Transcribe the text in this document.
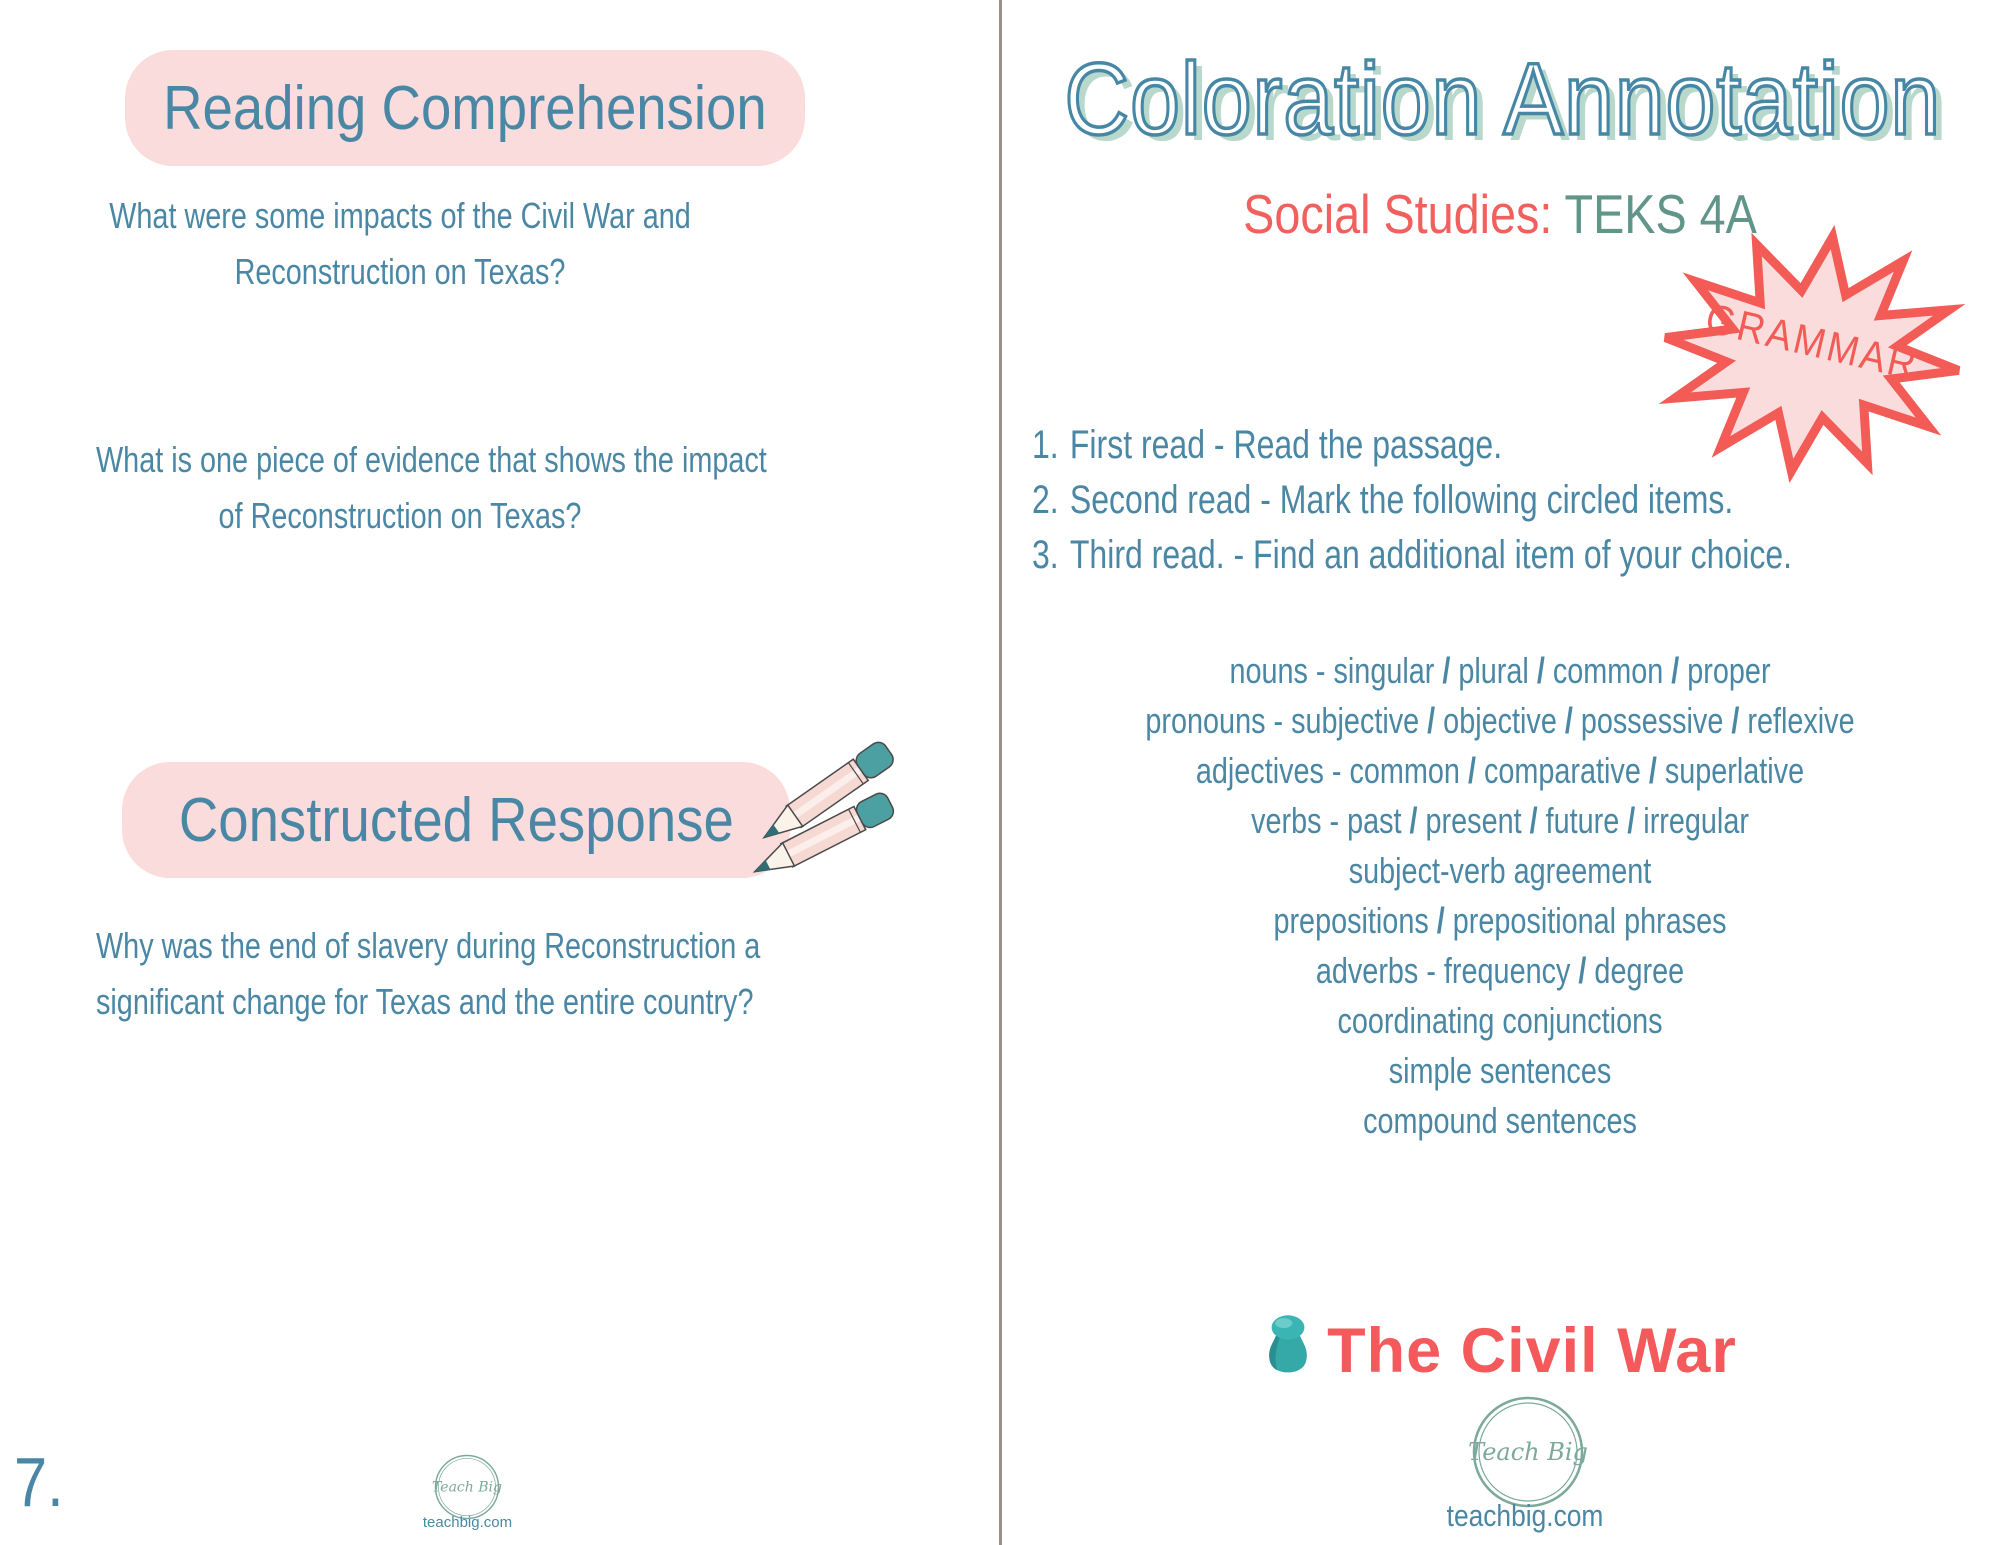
Reading Comprehension
What were some impacts of the Civil War and
Reconstruction on Texas?
What is one piece of evidence that shows the impact
of Reconstruction on Texas?
Constructed Response
Why was the end of slavery during Reconstruction a
significant change for Texas and the entire country?
7.	Teach Big
teachbig.com
Coloration Annotation
Social Studies: TEKS 4A
GRAMMAR
1. First read - Read the passage.
2. Second read - Mark the following circled items.
3. Third read. - Find an additional item of your choice.
nouns - singular / plural / common / proper
pronouns - subjective / objective / possessive / reflexive
adjectives - common / comparative / superlative
verbs - past / present / future / irregular
subject-verb agreement
prepositions / prepositional phrases
adverbs - frequency / degree
coordinating conjunctions
simple sentences
compound sentences
The Civil War
Teach Big
teachbig.com
